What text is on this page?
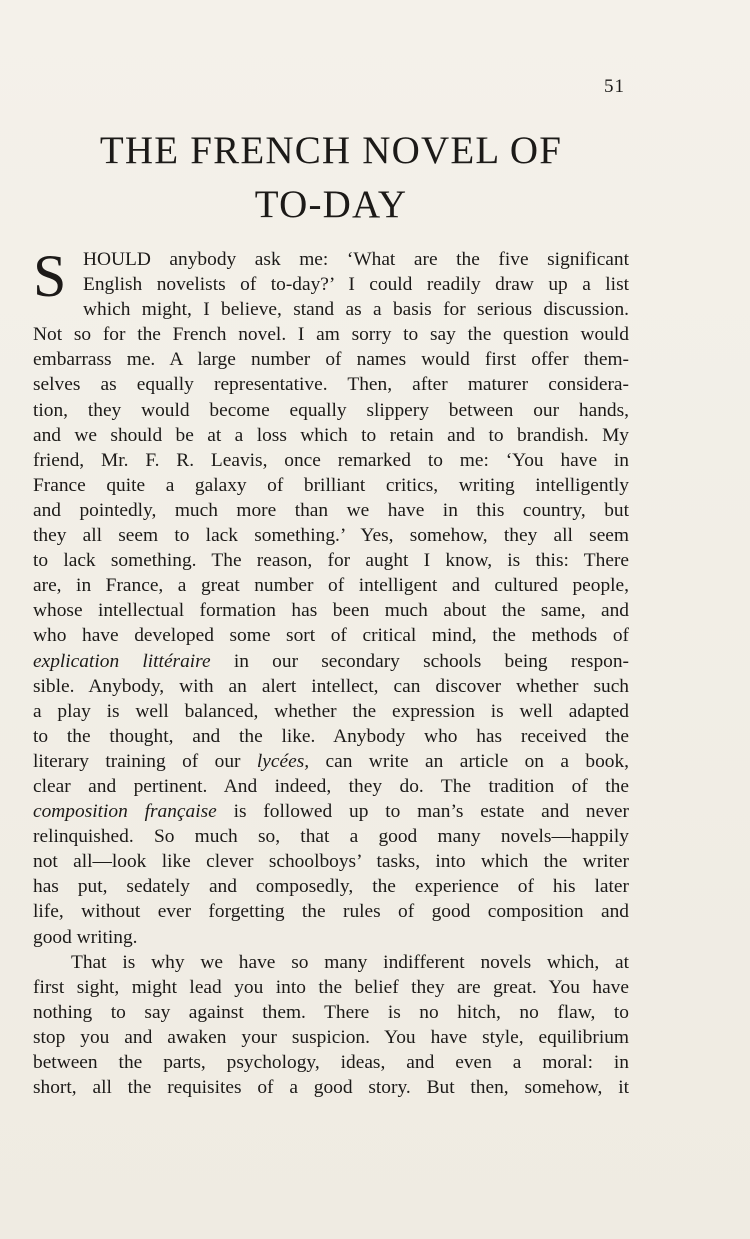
51
THE FRENCH NOVEL OF
TO-DAY
S HOULD anybody ask me: ‘What are the five significant
English novelists of to-day?’ I could readily draw up a list
which might, I believe, stand as a basis for serious discussion.
Not so for the French novel. I am sorry to say the question would
embarrass me. A large number of names would first offer them-
selves as equally representative. Then, after maturer considera-
tion, they would become equally slippery between our hands,
and we should be at a loss which to retain and to brandish. My
friend, Mr. F. R. Leavis, once remarked to me: ‘You have in
France quite a galaxy of brilliant critics, writing intelligently
and pointedly, much more than we have in this country, but
they all seem to lack something.’ Yes, somehow, they all seem
to lack something. The reason, for aught I know, is this: There
are, in France, a great number of intelligent and cultured people,
whose intellectual formation has been much about the same, and
who have developed some sort of critical mind, the methods of
explication littéraire in our secondary schools being respon-
sible. Anybody, with an alert intellect, can discover whether such
a play is well balanced, whether the expression is well adapted
to the thought, and the like. Anybody who has received the
literary training of our lycées, can write an article on a book,
clear and pertinent. And indeed, they do. The tradition of the
composition française is followed up to man’s estate and never
relinquished. So much so, that a good many novels—happily
not all—look like clever schoolboys’ tasks, into which the writer
has put, sedately and composedly, the experience of his later
life, without ever forgetting the rules of good composition and
good writing.
That is why we have so many indifferent novels which, at
first sight, might lead you into the belief they are great. You have
nothing to say against them. There is no hitch, no flaw, to
stop you and awaken your suspicion. You have style, equilibrium
between the parts, psychology, ideas, and even a moral: in
short, all the requisites of a good story. But then, somehow, it
